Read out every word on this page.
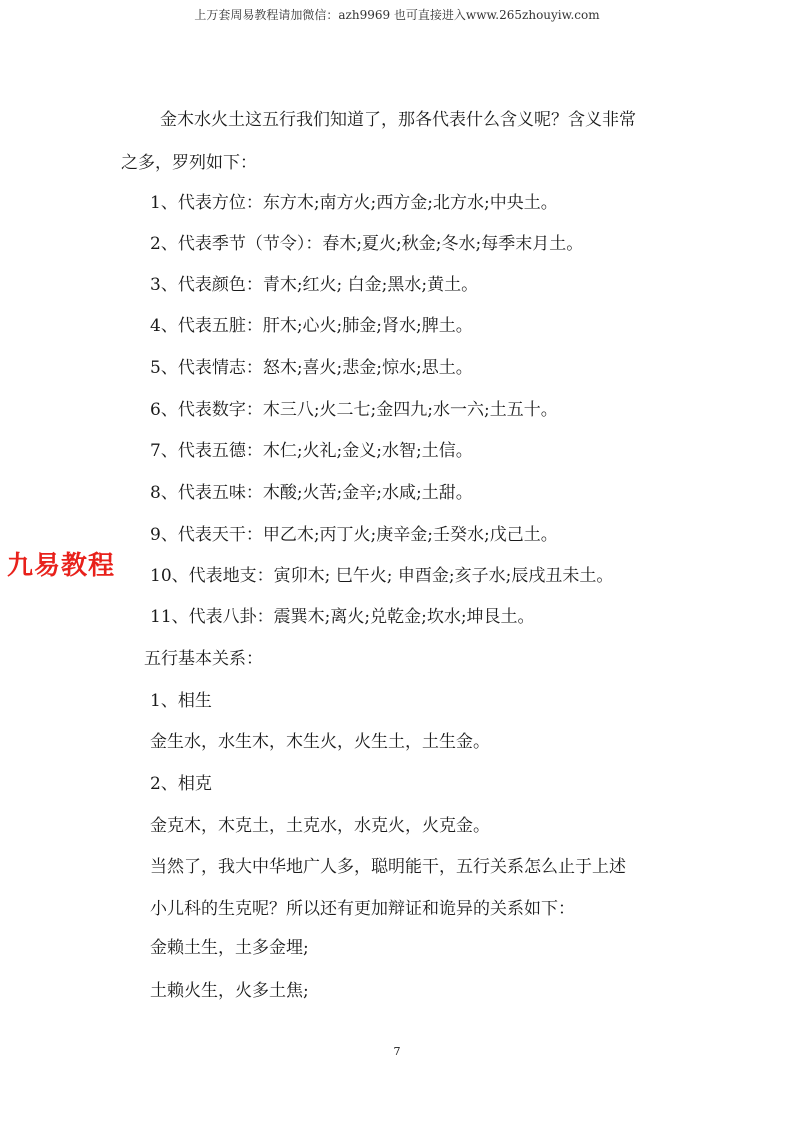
上万套周易教程请加微信：azh9969 也可直接进入www.265zhouyiw.com
金木水火土这五行我们知道了，那各代表什么含义呢？含义非常
之多，罗列如下：
1、代表方位：东方木;南方火;西方金;北方水;中央土。
2、代表季节（节令）：春木;夏火;秋金;冬水;每季末月土。
3、代表颜色：青木;红火; 白金;黑水;黄土。
4、代表五脏：肝木;心火;肺金;肾水;脾土。
5、代表情志：怒木;喜火;悲金;惊水;思土。
6、代表数字：木三八;火二七;金四九;水一六;土五十。
7、代表五德：木仁;火礼;金义;水智;土信。
8、代表五味：木酸;火苦;金辛;水咸;土甜。
9、代表天干：甲乙木;丙丁火;庚辛金;壬癸水;戊己土。
10、代表地支：寅卯木; 巳午火; 申酉金;亥子水;辰戌丑未土。
11、代表八卦：震巽木;离火;兑乾金;坎水;坤艮土。
九易教程
五行基本关系：
1、相生
金生水，水生木，木生火，火生土，土生金。
2、相克
金克木，木克土，土克水，水克火，火克金。
当然了，我大中华地广人多，聪明能干，五行关系怎么止于上述
小儿科的生克呢？所以还有更加辩证和诡异的关系如下：
金赖土生，土多金埋;
土赖火生，火多土焦;
7
